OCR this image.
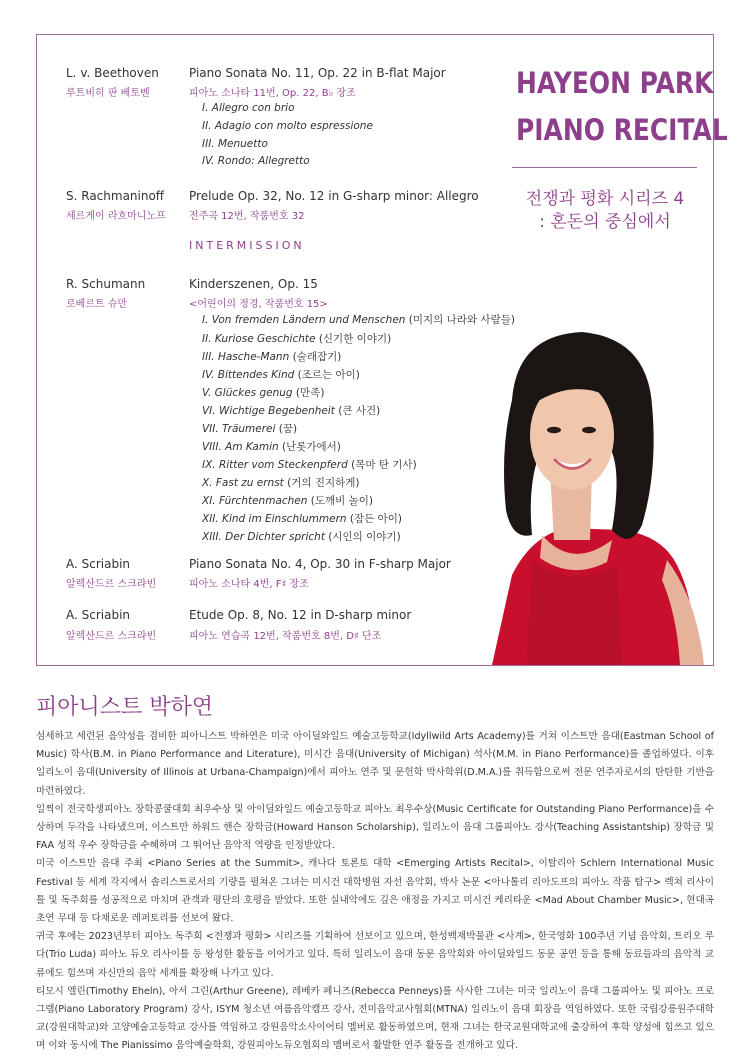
L. v. Beethoven
루트비히 판 베토벤
Piano Sonata No. 11, Op. 22 in B-flat Major
피아노 소나타 11번, Op. 22, B♭ 장조
I. Allegro con brio
II. Adagio con molto espressione
III. Menuetto
IV. Rondo: Allegretto
S. Rachmaninoff
세르게이 라흐마니노프
Prelude Op. 32, No. 12 in G-sharp minor: Allegro
전주곡 12번, 작품번호 32
INTERMISSION
R. Schumann
로베르트 슈만
Kinderszenen, Op. 15
<어린이의 정경, 작품번호 15>
I. Von fremden Ländern und Menschen (미지의 나라와 사람들)
II. Kuriose Geschichte (신기한 이야기)
III. Hasche-Mann (술래잡기)
IV. Bittendes Kind (조르는 아이)
V. Glückes genug (만족)
VI. Wichtige Begebenheit (큰 사건)
VII. Träumerei (꿈)
VIII. Am Kamin (난롯가에서)
IX. Ritter vom Steckenpferd (목마 탄 기사)
X. Fast zu ernst (거의 진지하게)
XI. Fürchtenmachen (도깨비 놀이)
XII. Kind im Einschlummern (잠든 아이)
XIII. Der Dichter spricht (시인의 이야기)
A. Scriabin
알렉산드르 스크랴빈
Piano Sonata No. 4, Op. 30 in F-sharp Major
피아노 소나타 4번, F♯ 장조
A. Scriabin
알렉산드르 스크랴빈
Etude Op. 8, No. 12 in D-sharp minor
피아노 연습곡 12번, 작품번호 8번, D♯ 단조
HAYEON PARK
PIANO RECITAL
전쟁과 평화 시리즈 4
: 혼돈의 중심에서
피아니스트 박하연

섬세하고 세련된 음악성을 겸비한 피아니스트 박하연은 미국 아이딜와일드 예술고등학교(Idyllwild Arts Academy)를 거쳐 이스트만 음대(Eastman School of Music) 학사(B.M. in Piano Performance and Literature), 미시간 음대(University of Michigan) 석사(M.M. in Piano Performance)를 졸업하였다. 이후 일리노이 음대(University of Illinois at Urbana-Champaign)에서 피아노 연주 및 문헌학 박사학위(D.M.A.)를 취득함으로써 전문 연주자로서의 탄탄한 기반을 마련하였다.

일찍이 전국학생피아노 장학콩쿨대회 최우수상 및 아이딜와일드 예술고등학교 피아노 최우수상(Music Certificate for Outstanding Piano Performance)을 수상하며 두각을 나타냈으며, 이스트만 하워드 핸슨 장학금(Howard Hanson Scholarship), 일리노이 음대 그룹피아노 강사(Teaching Assistantship) 장학금 및 FAA 성적 우수 장학금을 수혜하며 그 뛰어난 음악적 역량을 인정받았다.

미국 이스트만 음대 주최 <Piano Series at the Summit>, 캐나다 토론토 대학 <Emerging Artists Recital>, 이탈리아 Schlern International Music Festival 등 세계 각지에서 솔리스트로서의 기량을 펼쳐온 그녀는 미시건 대학병원 자선 음악회, 박사 논문 <아나톨리 리아도프의 피아노 작품 탐구> 렉쳐 리사이틀 및 독주회를 성공적으로 마치며 관객과 평단의 호평을 받았다. 또한 실내악에도 깊은 애정을 가지고 미시건 케리타운 <Mad About Chamber Music>, 현대곡 초연 무대 등 다채로운 레퍼토리를 선보여 왔다.

귀국 후에는 2023년부터 피아노 독주회 <전쟁과 평화> 시리즈를 기획하여 선보이고 있으며, 한성백제박물관 <사계>, 한국영화 100주년 기념 음악회, 트리오 루다(Trio Luda) 피아노 듀오 리사이틀 등 왕성한 활동을 이어가고 있다. 특히 일리노이 음대 동문 음악회와 아이딜와일드 동문 공연 등을 통해 동료들과의 음악적 교류에도 힘쓰며 자신만의 음악 세계를 확장해 나가고 있다.

티모시 엘린(Timothy Eheln), 아서 그린(Arthur Greene), 레베카 페니즈(Rebecca Penneys)를 사사한 그녀는 미국 일리노이 음대 그룹피아노 및 피아노 프로그램(Piano Laboratory Program) 강사, ISYM 청소년 여름음악캠프 강사, 전미음악교사협회(MTNA) 일리노이 음대 회장을 역임하였다. 또한 국립강릉원주대학교(강원대학교)와 고양예술고등학교 강사를 역임하고 강원음악소사이어티 멤버로 활동하였으며, 현재 그녀는 한국교원대학교에 출강하여 후학 양성에 힘쓰고 있으며 이와 동시에 The Pianissimo 음악예술학회, 강원피아노듀오협회의 멤버로서 활발한 연주 활동을 전개하고 있다.
